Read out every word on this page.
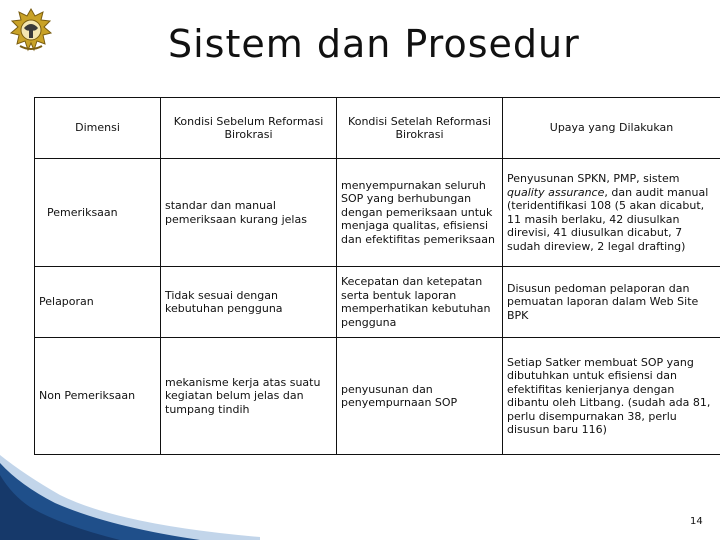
Sistem dan Prosedur
Dimensi	Kondisi Sebelum Reformasi Birokrasi	Kondisi Setelah Reformasi Birokrasi	Upaya yang Dilakukan
Pemeriksaan	standar dan manual pemeriksaan kurang jelas	menyempurnakan seluruh SOP yang berhubungan dengan pemeriksaan untuk menjaga qualitas, efisiensi dan efektifitas pemeriksaan	Penyusunan SPKN, PMP, sistem quality assurance, dan audit manual (teridentifikasi 108 (5 akan dicabut, 11 masih berlaku, 42 diusulkan direvisi, 41 diusulkan dicabut, 7 sudah direview, 2 legal drafting)
Pelaporan	Tidak sesuai dengan kebutuhan pengguna	Kecepatan dan ketepatan serta bentuk laporan memperhatikan kebutuhan pengguna	Disusun pedoman pelaporan dan pemuatan laporan dalam Web Site BPK
Non Pemeriksaan	mekanisme kerja atas suatu kegiatan belum jelas dan tumpang tindih	penyusunan dan penyempurnaan SOP	Setiap Satker membuat SOP yang dibutuhkan untuk efisiensi dan efektifitas kenierjanya dengan dibantu oleh Litbang. (sudah ada 81, perlu disempurnakan 38, perlu disusun baru 116)
14
